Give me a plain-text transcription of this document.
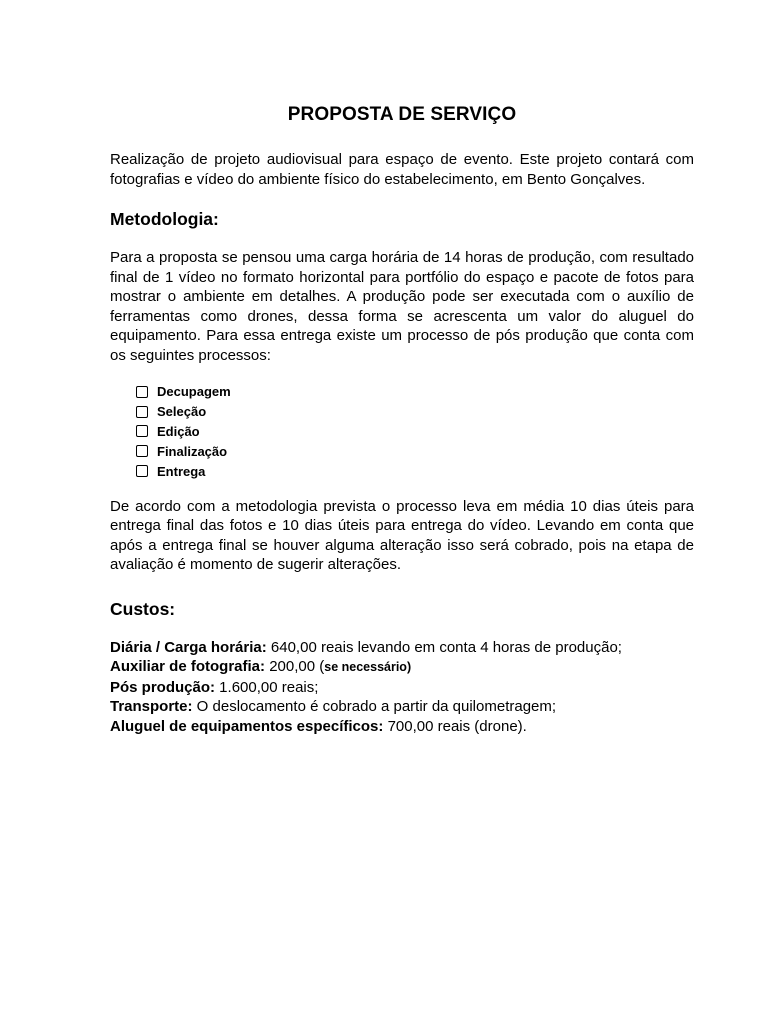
PROPOSTA DE SERVIÇO

Realização de projeto audiovisual para espaço de evento. Este projeto contará com fotografias e vídeo do ambiente físico do estabelecimento, em Bento Gonçalves.

Metodologia:

Para a proposta se pensou uma carga horária de 14 horas de produção, com resultado final de 1 vídeo no formato horizontal para portfólio do espaço e pacote de fotos para mostrar o ambiente em detalhes. A produção pode ser executada com o auxílio de ferramentas como drones, dessa forma se acrescenta um valor do aluguel do equipamento. Para essa entrega existe um processo de pós produção que conta com os seguintes processos:

Decupagem
Seleção
Edição
Finalização
Entrega

De acordo com a metodologia prevista o processo leva em média 10 dias úteis para entrega final das fotos e 10 dias úteis para entrega do vídeo. Levando em conta que após a entrega final se houver alguma alteração isso será cobrado, pois na etapa de avaliação é momento de sugerir alterações.

Custos:

Diária / Carga horária: 640,00 reais levando em conta 4 horas de produção;

Auxiliar de fotografia: 200,00 (se necessário)

Pós produção: 1.600,00 reais;

Transporte: O deslocamento é cobrado a partir da quilometragem;

Aluguel de equipamentos específicos: 700,00 reais (drone).
